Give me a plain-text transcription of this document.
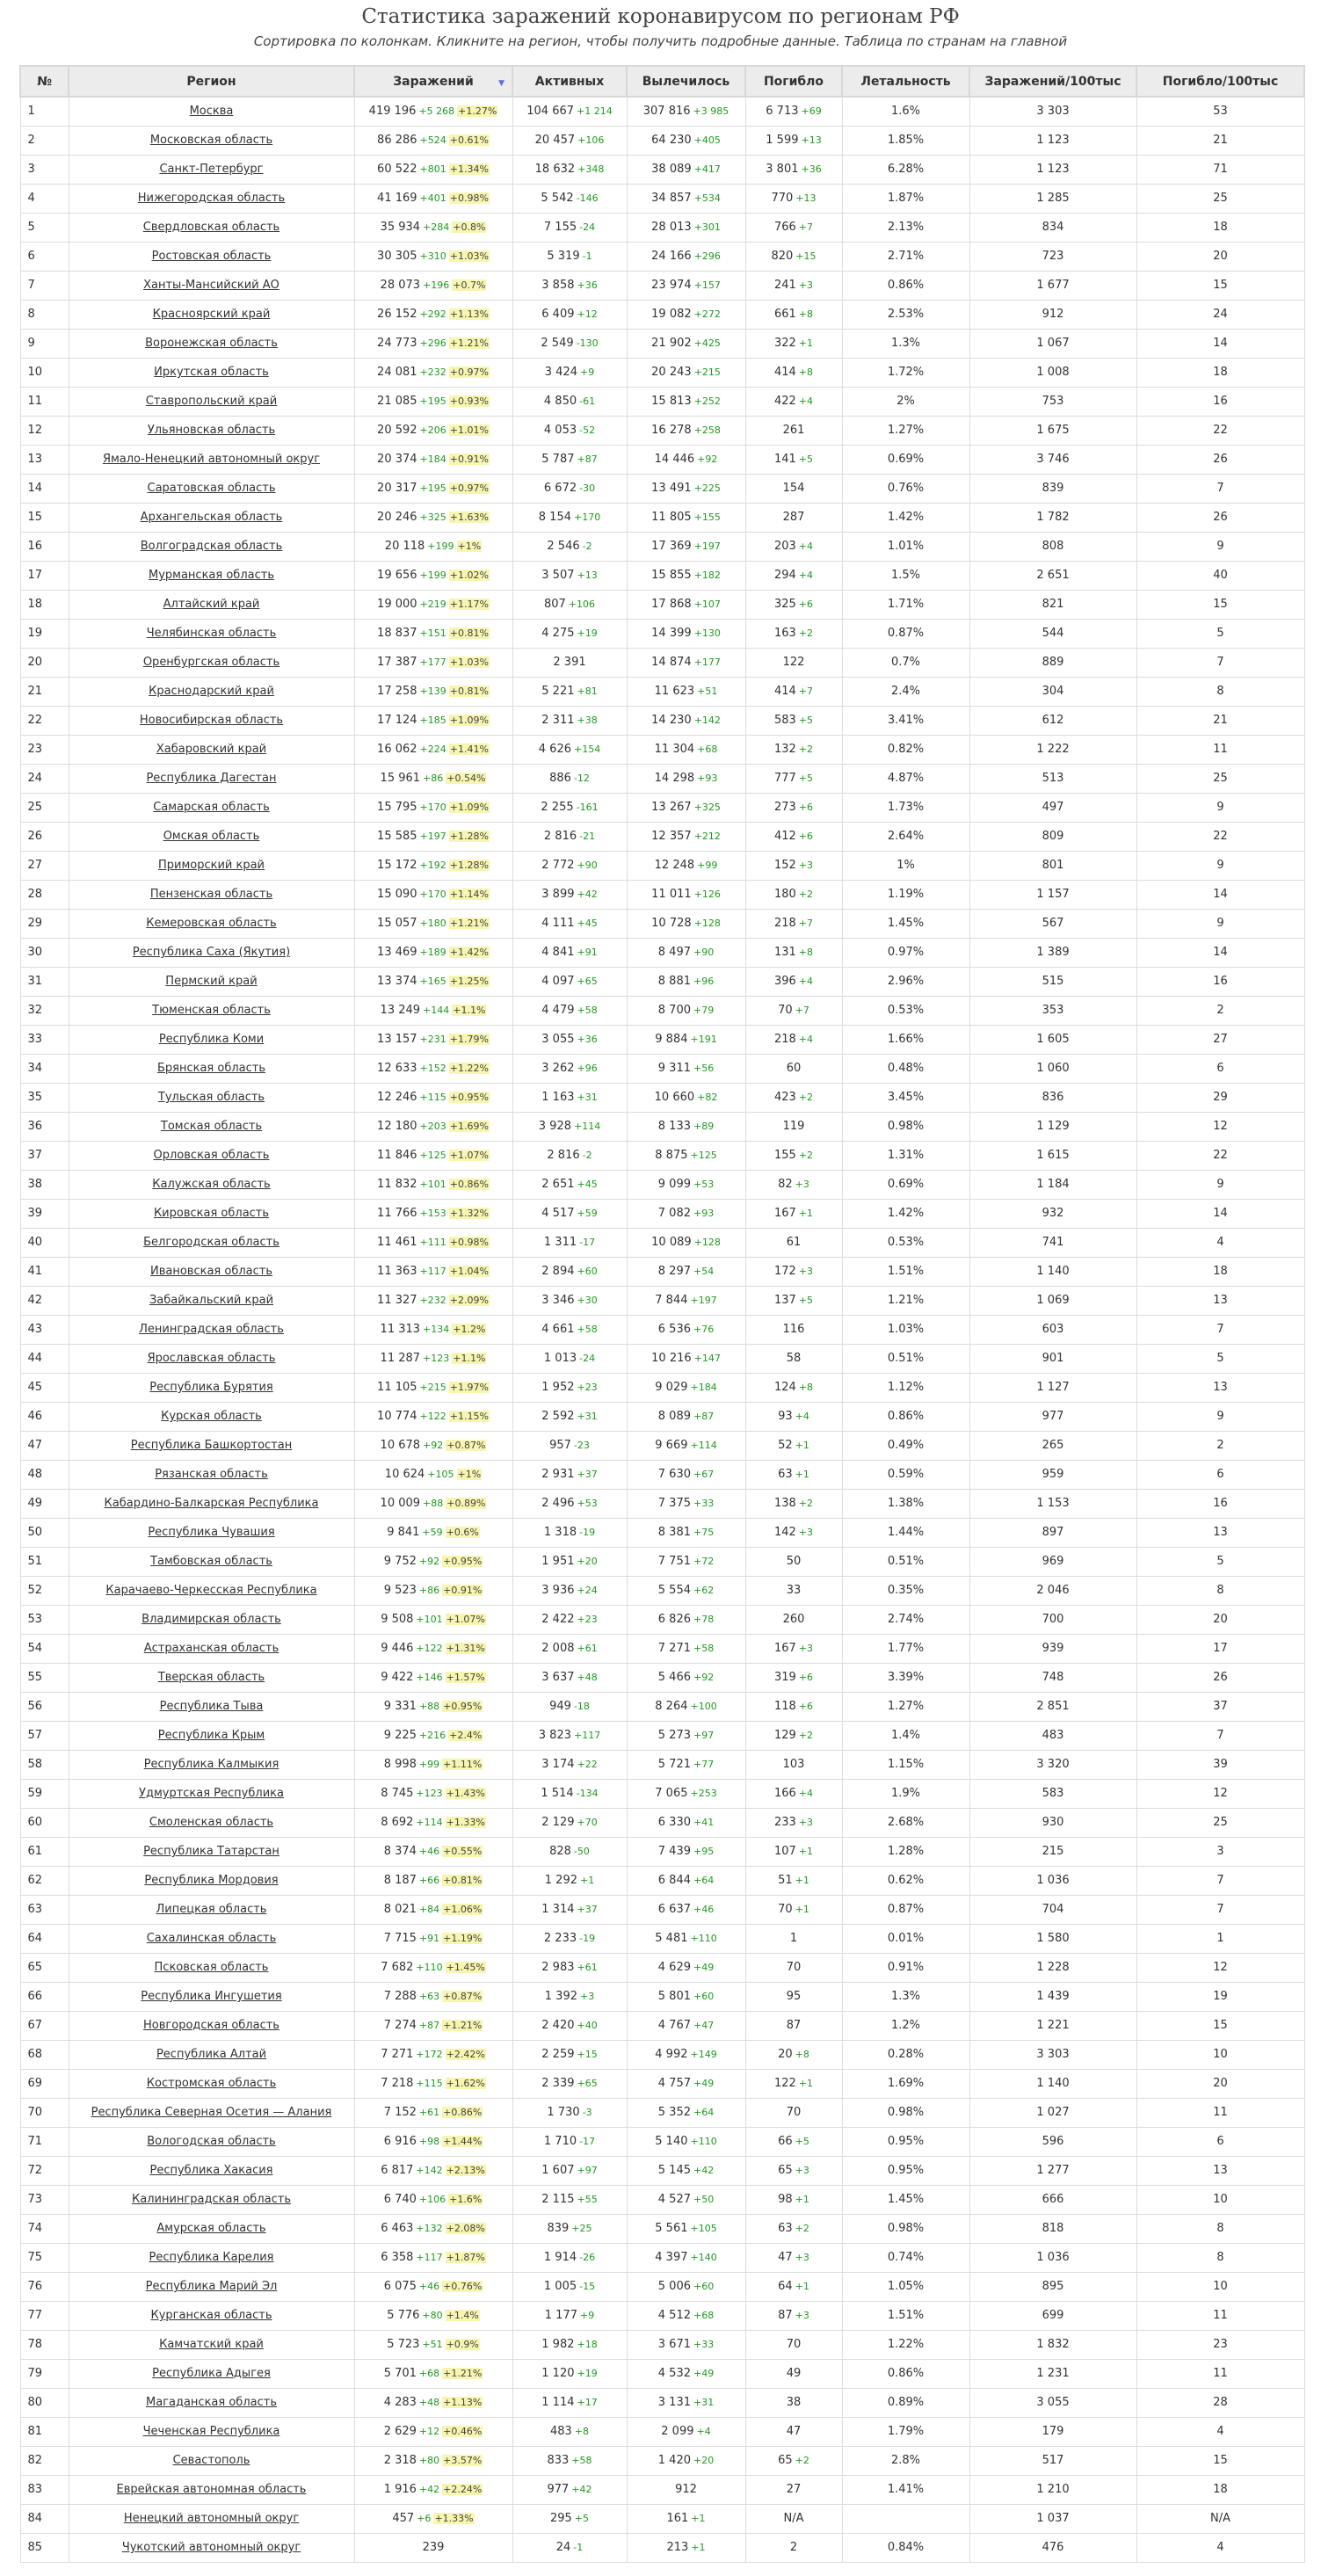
Статистика заражений коронавирусом по регионам РФ
Сортировка по колонкам. Кликните на регион, чтобы получить подробные данные. Таблица по странам на главной
№	Регион	Заражений ▼	Активных	Вылечилось	Погибло	Летальность	Заражений/100тыс	Погибло/100тыс
1	Москва	419 196 +5 268 +1.27%	104 667 +1 214	307 816 +3 985	6 713 +69	1.6%	3 303	53
2	Московская область	86 286 +524 +0.61%	20 457 +106	64 230 +405	1 599 +13	1.85%	1 123	21
3	Санкт-Петербург	60 522 +801 +1.34%	18 632 +348	38 089 +417	3 801 +36	6.28%	1 123	71
4	Нижегородская область	41 169 +401 +0.98%	5 542 -146	34 857 +534	770 +13	1.87%	1 285	25
5	Свердловская область	35 934 +284 +0.8%	7 155 -24	28 013 +301	766 +7	2.13%	834	18
6	Ростовская область	30 305 +310 +1.03%	5 319 -1	24 166 +296	820 +15	2.71%	723	20
7	Ханты-Мансийский АО	28 073 +196 +0.7%	3 858 +36	23 974 +157	241 +3	0.86%	1 677	15
8	Красноярский край	26 152 +292 +1.13%	6 409 +12	19 082 +272	661 +8	2.53%	912	24
9	Воронежская область	24 773 +296 +1.21%	2 549 -130	21 902 +425	322 +1	1.3%	1 067	14
10	Иркутская область	24 081 +232 +0.97%	3 424 +9	20 243 +215	414 +8	1.72%	1 008	18
11	Ставропольский край	21 085 +195 +0.93%	4 850 -61	15 813 +252	422 +4	2%	753	16
12	Ульяновская область	20 592 +206 +1.01%	4 053 -52	16 278 +258	261	1.27%	1 675	22
13	Ямало-Ненецкий автономный округ	20 374 +184 +0.91%	5 787 +87	14 446 +92	141 +5	0.69%	3 746	26
14	Саратовская область	20 317 +195 +0.97%	6 672 -30	13 491 +225	154	0.76%	839	7
15	Архангельская область	20 246 +325 +1.63%	8 154 +170	11 805 +155	287	1.42%	1 782	26
16	Волгоградская область	20 118 +199 +1%	2 546 -2	17 369 +197	203 +4	1.01%	808	9
17	Мурманская область	19 656 +199 +1.02%	3 507 +13	15 855 +182	294 +4	1.5%	2 651	40
18	Алтайский край	19 000 +219 +1.17%	807 +106	17 868 +107	325 +6	1.71%	821	15
19	Челябинская область	18 837 +151 +0.81%	4 275 +19	14 399 +130	163 +2	0.87%	544	5
20	Оренбургская область	17 387 +177 +1.03%	2 391	14 874 +177	122	0.7%	889	7
21	Краснодарский край	17 258 +139 +0.81%	5 221 +81	11 623 +51	414 +7	2.4%	304	8
22	Новосибирская область	17 124 +185 +1.09%	2 311 +38	14 230 +142	583 +5	3.41%	612	21
23	Хабаровский край	16 062 +224 +1.41%	4 626 +154	11 304 +68	132 +2	0.82%	1 222	11
24	Республика Дагестан	15 961 +86 +0.54%	886 -12	14 298 +93	777 +5	4.87%	513	25
25	Самарская область	15 795 +170 +1.09%	2 255 -161	13 267 +325	273 +6	1.73%	497	9
26	Омская область	15 585 +197 +1.28%	2 816 -21	12 357 +212	412 +6	2.64%	809	22
27	Приморский край	15 172 +192 +1.28%	2 772 +90	12 248 +99	152 +3	1%	801	9
28	Пензенская область	15 090 +170 +1.14%	3 899 +42	11 011 +126	180 +2	1.19%	1 157	14
29	Кемеровская область	15 057 +180 +1.21%	4 111 +45	10 728 +128	218 +7	1.45%	567	9
30	Республика Саха (Якутия)	13 469 +189 +1.42%	4 841 +91	8 497 +90	131 +8	0.97%	1 389	14
31	Пермский край	13 374 +165 +1.25%	4 097 +65	8 881 +96	396 +4	2.96%	515	16
32	Тюменская область	13 249 +144 +1.1%	4 479 +58	8 700 +79	70 +7	0.53%	353	2
33	Республика Коми	13 157 +231 +1.79%	3 055 +36	9 884 +191	218 +4	1.66%	1 605	27
34	Брянская область	12 633 +152 +1.22%	3 262 +96	9 311 +56	60	0.48%	1 060	6
35	Тульская область	12 246 +115 +0.95%	1 163 +31	10 660 +82	423 +2	3.45%	836	29
36	Томская область	12 180 +203 +1.69%	3 928 +114	8 133 +89	119	0.98%	1 129	12
37	Орловская область	11 846 +125 +1.07%	2 816 -2	8 875 +125	155 +2	1.31%	1 615	22
38	Калужская область	11 832 +101 +0.86%	2 651 +45	9 099 +53	82 +3	0.69%	1 184	9
39	Кировская область	11 766 +153 +1.32%	4 517 +59	7 082 +93	167 +1	1.42%	932	14
40	Белгородская область	11 461 +111 +0.98%	1 311 -17	10 089 +128	61	0.53%	741	4
41	Ивановская область	11 363 +117 +1.04%	2 894 +60	8 297 +54	172 +3	1.51%	1 140	18
42	Забайкальский край	11 327 +232 +2.09%	3 346 +30	7 844 +197	137 +5	1.21%	1 069	13
43	Ленинградская область	11 313 +134 +1.2%	4 661 +58	6 536 +76	116	1.03%	603	7
44	Ярославская область	11 287 +123 +1.1%	1 013 -24	10 216 +147	58	0.51%	901	5
45	Республика Бурятия	11 105 +215 +1.97%	1 952 +23	9 029 +184	124 +8	1.12%	1 127	13
46	Курская область	10 774 +122 +1.15%	2 592 +31	8 089 +87	93 +4	0.86%	977	9
47	Республика Башкортостан	10 678 +92 +0.87%	957 -23	9 669 +114	52 +1	0.49%	265	2
48	Рязанская область	10 624 +105 +1%	2 931 +37	7 630 +67	63 +1	0.59%	959	6
49	Кабардино-Балкарская Республика	10 009 +88 +0.89%	2 496 +53	7 375 +33	138 +2	1.38%	1 153	16
50	Республика Чувашия	9 841 +59 +0.6%	1 318 -19	8 381 +75	142 +3	1.44%	897	13
51	Тамбовская область	9 752 +92 +0.95%	1 951 +20	7 751 +72	50	0.51%	969	5
52	Карачаево-Черкесская Республика	9 523 +86 +0.91%	3 936 +24	5 554 +62	33	0.35%	2 046	8
53	Владимирская область	9 508 +101 +1.07%	2 422 +23	6 826 +78	260	2.74%	700	20
54	Астраханская область	9 446 +122 +1.31%	2 008 +61	7 271 +58	167 +3	1.77%	939	17
55	Тверская область	9 422 +146 +1.57%	3 637 +48	5 466 +92	319 +6	3.39%	748	26
56	Республика Тыва	9 331 +88 +0.95%	949 -18	8 264 +100	118 +6	1.27%	2 851	37
57	Республика Крым	9 225 +216 +2.4%	3 823 +117	5 273 +97	129 +2	1.4%	483	7
58	Республика Калмыкия	8 998 +99 +1.11%	3 174 +22	5 721 +77	103	1.15%	3 320	39
59	Удмуртская Республика	8 745 +123 +1.43%	1 514 -134	7 065 +253	166 +4	1.9%	583	12
60	Смоленская область	8 692 +114 +1.33%	2 129 +70	6 330 +41	233 +3	2.68%	930	25
61	Республика Татарстан	8 374 +46 +0.55%	828 -50	7 439 +95	107 +1	1.28%	215	3
62	Республика Мордовия	8 187 +66 +0.81%	1 292 +1	6 844 +64	51 +1	0.62%	1 036	7
63	Липецкая область	8 021 +84 +1.06%	1 314 +37	6 637 +46	70 +1	0.87%	704	7
64	Сахалинская область	7 715 +91 +1.19%	2 233 -19	5 481 +110	1	0.01%	1 580	1
65	Псковская область	7 682 +110 +1.45%	2 983 +61	4 629 +49	70	0.91%	1 228	12
66	Республика Ингушетия	7 288 +63 +0.87%	1 392 +3	5 801 +60	95	1.3%	1 439	19
67	Новгородская область	7 274 +87 +1.21%	2 420 +40	4 767 +47	87	1.2%	1 221	15
68	Республика Алтай	7 271 +172 +2.42%	2 259 +15	4 992 +149	20 +8	0.28%	3 303	10
69	Костромская область	7 218 +115 +1.62%	2 339 +65	4 757 +49	122 +1	1.69%	1 140	20
70	Республика Северная Осетия — Алания	7 152 +61 +0.86%	1 730 -3	5 352 +64	70	0.98%	1 027	11
71	Вологодская область	6 916 +98 +1.44%	1 710 -17	5 140 +110	66 +5	0.95%	596	6
72	Республика Хакасия	6 817 +142 +2.13%	1 607 +97	5 145 +42	65 +3	0.95%	1 277	13
73	Калининградская область	6 740 +106 +1.6%	2 115 +55	4 527 +50	98 +1	1.45%	666	10
74	Амурская область	6 463 +132 +2.08%	839 +25	5 561 +105	63 +2	0.98%	818	8
75	Республика Карелия	6 358 +117 +1.87%	1 914 -26	4 397 +140	47 +3	0.74%	1 036	8
76	Республика Марий Эл	6 075 +46 +0.76%	1 005 -15	5 006 +60	64 +1	1.05%	895	10
77	Курганская область	5 776 +80 +1.4%	1 177 +9	4 512 +68	87 +3	1.51%	699	11
78	Камчатский край	5 723 +51 +0.9%	1 982 +18	3 671 +33	70	1.22%	1 832	23
79	Республика Адыгея	5 701 +68 +1.21%	1 120 +19	4 532 +49	49	0.86%	1 231	11
80	Магаданская область	4 283 +48 +1.13%	1 114 +17	3 131 +31	38	0.89%	3 055	28
81	Чеченская Республика	2 629 +12 +0.46%	483 +8	2 099 +4	47	1.79%	179	4
82	Севастополь	2 318 +80 +3.57%	833 +58	1 420 +20	65 +2	2.8%	517	15
83	Еврейская автономная область	1 916 +42 +2.24%	977 +42	912	27	1.41%	1 210	18
84	Ненецкий автономный округ	457 +6 +1.33%	295 +5	161 +1	N/A		1 037	N/A
85	Чукотский автономный округ	239	24 -1	213 +1	2	0.84%	476	4
